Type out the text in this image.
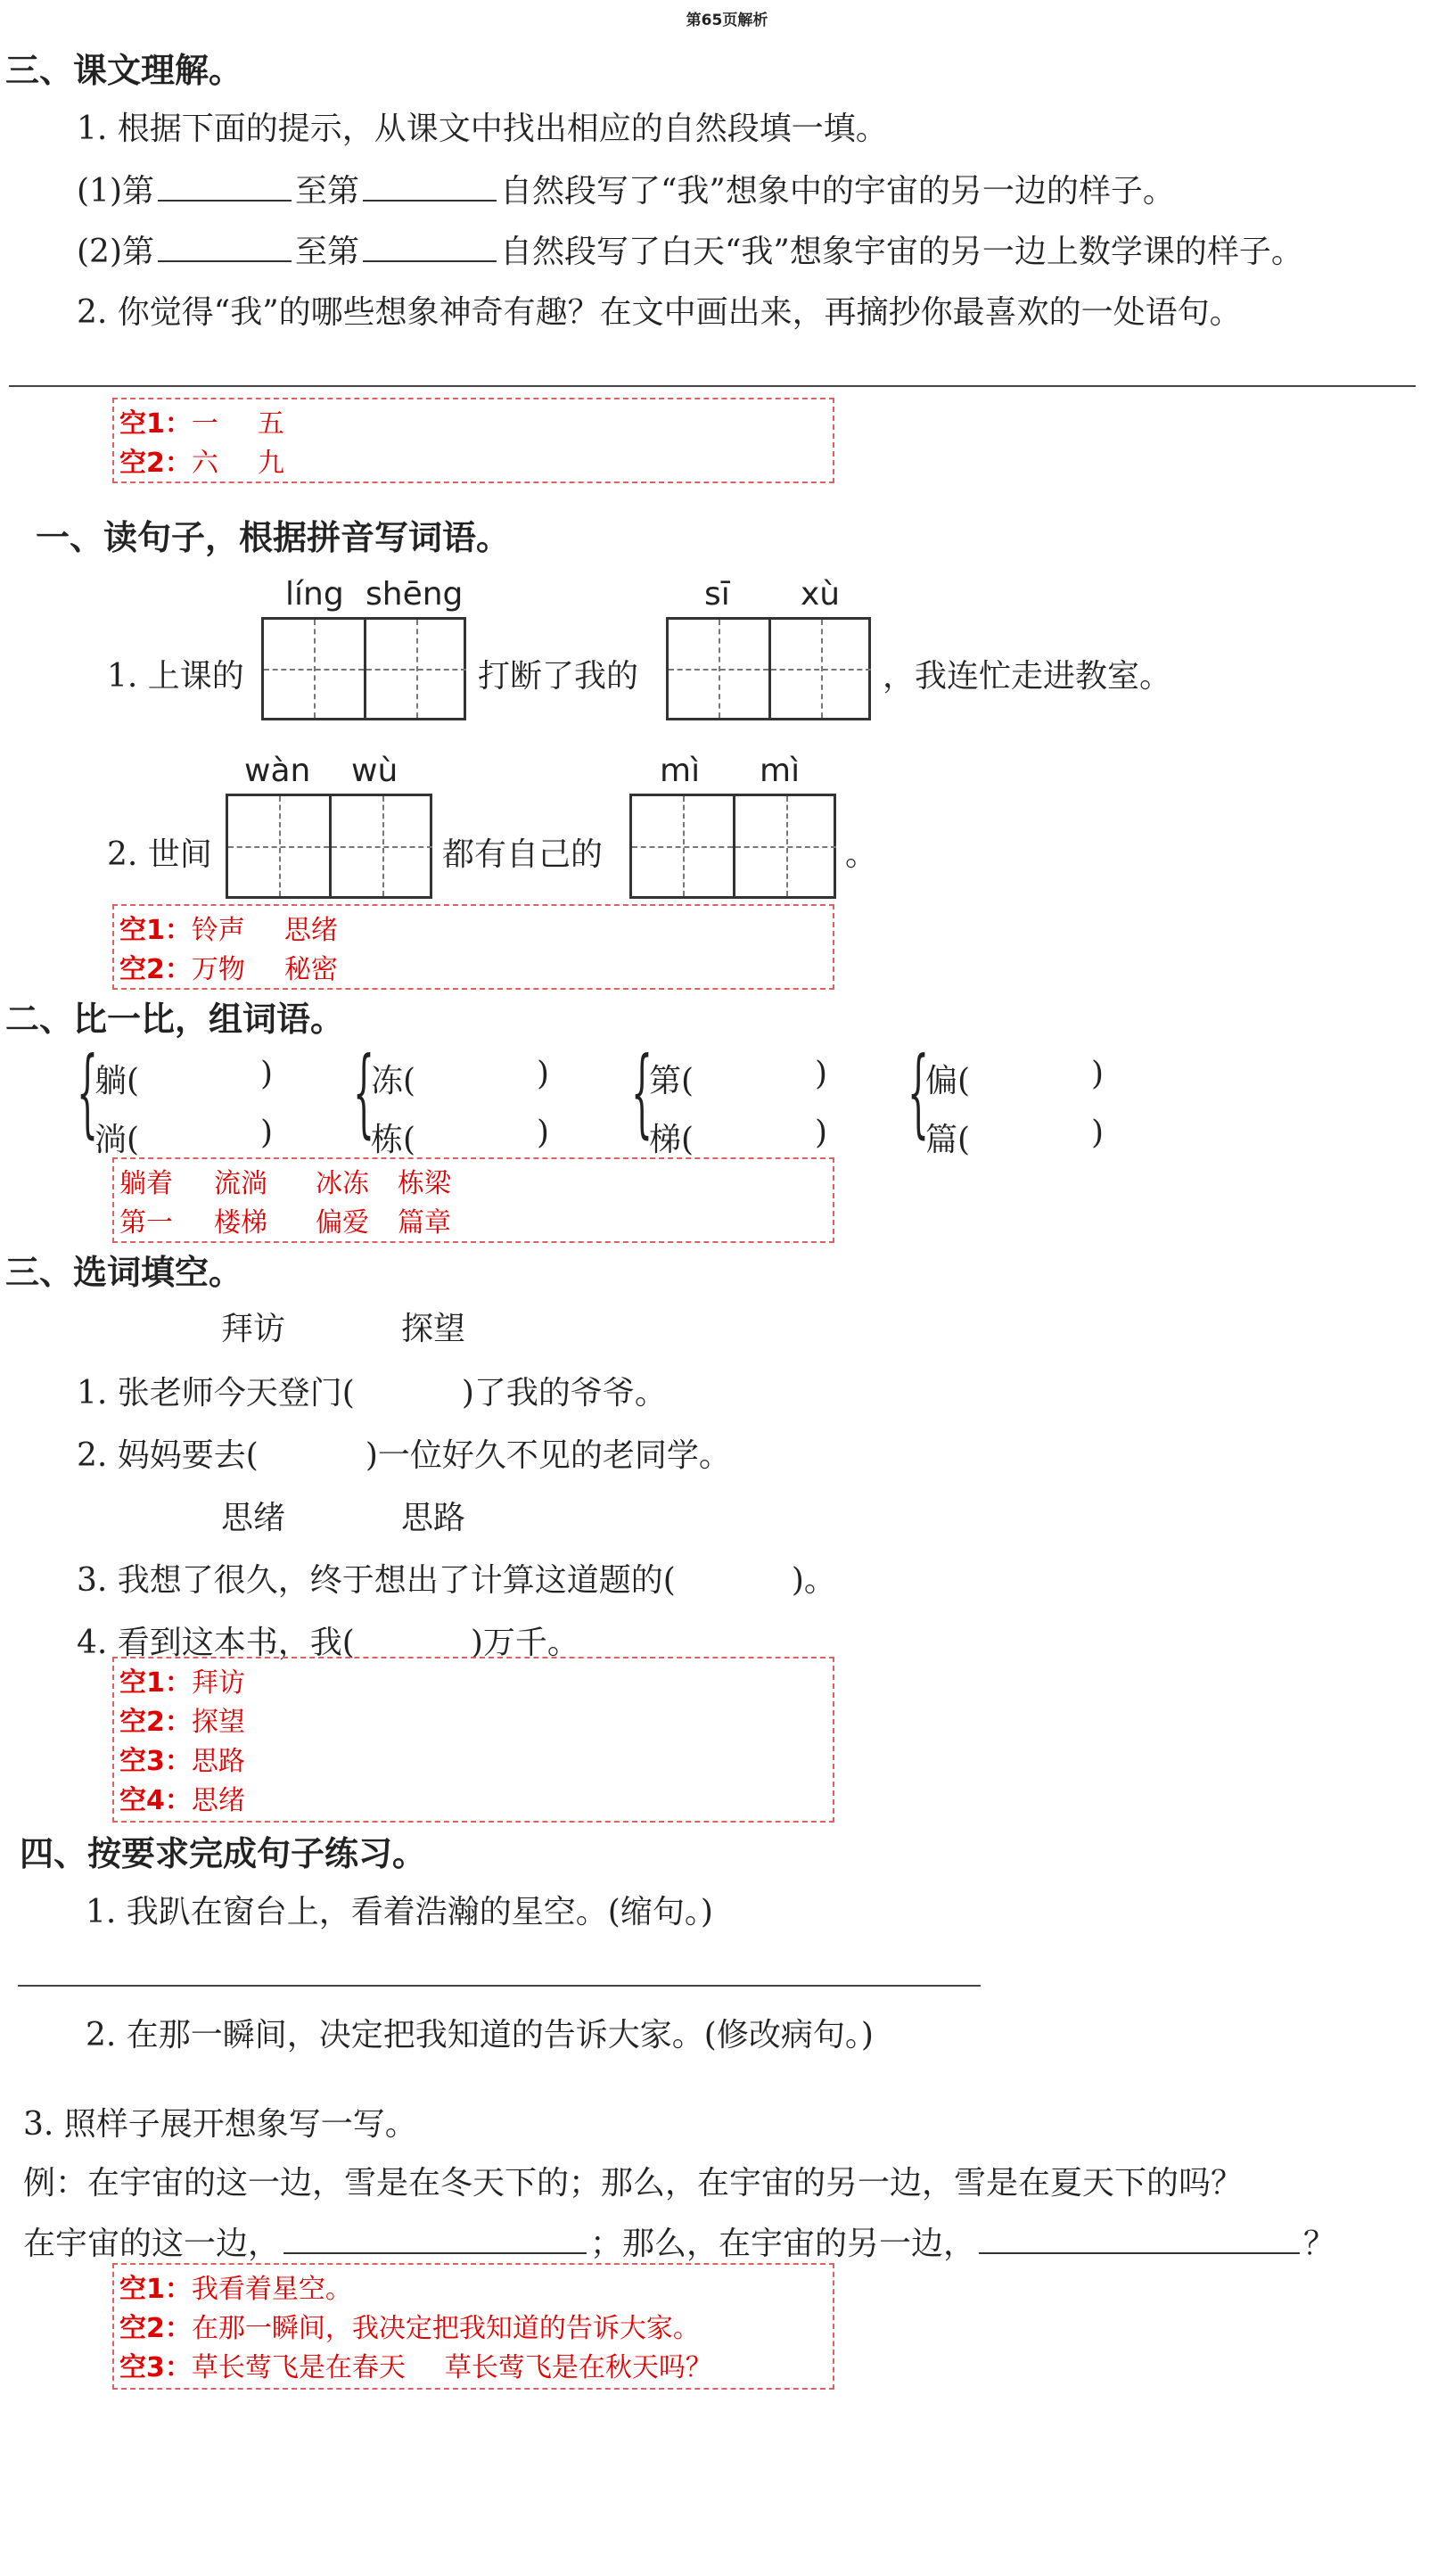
第65页解析
三、课文理解。
1. 根据下面的提示，从课文中找出相应的自然段填一填。
(1)第	至第	自然段写了“我”想象中的宇宙的另一边的样子。
(2)第	至第	自然段写了白天“我”想象宇宙的另一边上数学课的样子。
2. 你觉得“我”的哪些想象神奇有趣？在文中画出来，再摘抄你最喜欢的一处语句。
空1：一 五
空2：六 九
一、读句子，根据拼音写词语。
líng shēng	sī xù
1. 上课的	打断了我的	，我连忙走进教室。
wàn wù	mì mì
2. 世间	都有自己的	。
空1：铃声 思绪
空2：万物 秘密
二、比一比，组词语。
{
躺(	)
淌(	) {
冻(	)
栋(	) {
第(	)
梯(	) {
偏(	)
篇(	)
躺着 流淌 冰冻 栋梁
第一 楼梯 偏爱 篇章
三、选词填空。
拜访	探望
1. 张老师今天登门(	)了我的爷爷。
2. 妈妈要去(	)一位好久不见的老同学。
思绪	思路
3. 我想了很久，终于想出了计算这道题的(	)。
4. 看到这本书，我(	)万千。
空1：拜访
空2：探望
空3：思路
空4：思绪
四、按要求完成句子练习。
1. 我趴在窗台上，看着浩瀚的星空。(缩句。)
2. 在那一瞬间，决定把我知道的告诉大家。(修改病句。)
3. 照样子展开想象写一写。
例：在宇宙的这一边，雪是在冬天下的；那么，在宇宙的另一边，雪是在夏天下的吗？
在宇宙的这一边，	；那么，在宇宙的另一边，	？
空1：我看着星空。
空2：在那一瞬间，我决定把我知道的告诉大家。
空3：草长莺飞是在春天 草长莺飞是在秋天吗？
